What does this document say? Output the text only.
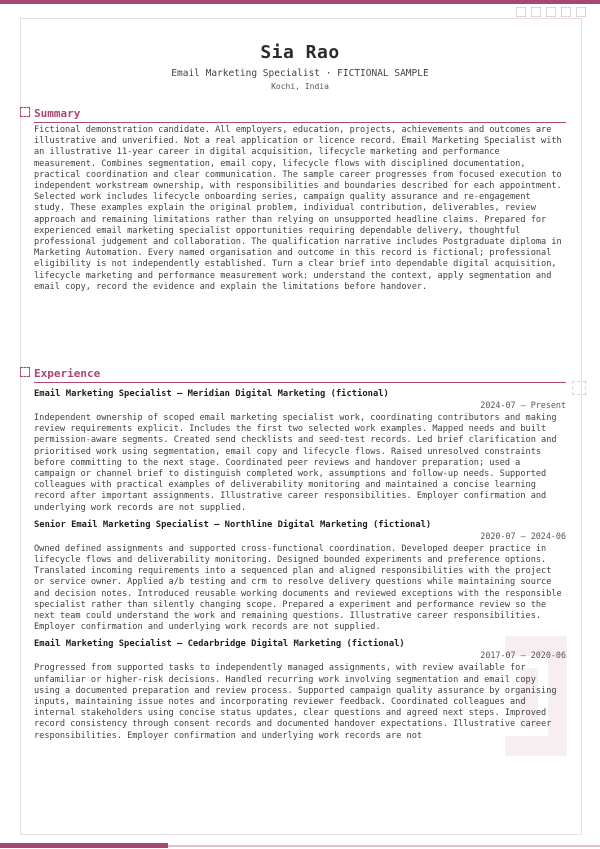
Sia Rao
Email Marketing Specialist · FICTIONAL SAMPLE
Kochi, India
Summary

Fictional demonstration candidate. All employers, education, projects, achievements and outcomes are illustrative and unverified. Not a real application or licence record. Email Marketing Specialist with an illustrative 11-year career in digital acquisition, lifecycle marketing and performance measurement. Combines segmentation, email copy, lifecycle flows with disciplined documentation, practical coordination and clear communication. The sample career progresses from focused execution to independent workstream ownership, with responsibilities and boundaries described for each appointment. Selected work includes lifecycle onboarding series, campaign quality assurance and re-engagement study. These examples explain the original problem, individual contribution, deliverables, review approach and remaining limitations rather than relying on unsupported headline claims. Prepared for experienced email marketing specialist opportunities requiring dependable delivery, thoughtful professional judgement and collaboration. The qualification narrative includes Postgraduate diploma in Marketing Automation. Every named organisation and outcome in this record is fictional; professional eligibility is not independently established. Turn a clear brief into dependable digital acquisition, lifecycle marketing and performance measurement work: understand the context, apply segmentation and email copy, record the evidence and explain the limitations before handover.

Experience
Email Marketing Specialist — Meridian Digital Marketing (fictional)
2024-07 – Present

Independent ownership of scoped email marketing specialist work, coordinating contributors and making review requirements explicit. Includes the first two selected work examples. Mapped needs and built permission-aware segments. Created send checklists and seed-test records. Led brief clarification and prioritised work using segmentation, email copy and lifecycle flows. Raised unresolved constraints before committing to the next stage. Coordinated peer reviews and handover preparation; used a campaign or channel brief to distinguish completed work, assumptions and follow-up needs. Supported colleagues with practical examples of deliverability monitoring and maintained a concise learning record after important assignments. Illustrative career responsibilities. Employer confirmation and underlying work records are not supplied.

Senior Email Marketing Specialist — Northline Digital Marketing (fictional)
2020-07 – 2024-06

Owned defined assignments and supported cross-functional coordination. Developed deeper practice in lifecycle flows and deliverability monitoring. Designed bounded experiments and preference options. Translated incoming requirements into a sequenced plan and aligned responsibilities with the project or service owner. Applied a/b testing and crm to resolve delivery questions while maintaining source and decision notes. Introduced reusable working documents and reviewed exceptions with the responsible specialist rather than silently changing scope. Prepared a experiment and performance review so the next team could understand the work and remaining questions. Illustrative career responsibilities. Employer confirmation and underlying work records are not supplied.

Email Marketing Specialist — Cedarbridge Digital Marketing (fictional)
2017-07 – 2020-06

Progressed from supported tasks to independently managed assignments, with review available for unfamiliar or higher-risk decisions. Handled recurring work involving segmentation and email copy using a documented preparation and review process. Supported campaign quality assurance by organising inputs, maintaining issue notes and incorporating reviewer feedback. Coordinated colleagues and internal stakeholders using concise status updates, clear questions and agreed next steps. Improved record consistency through consent records and documented handover expectations. Illustrative career responsibilities. Employer confirmation and underlying work records are not
